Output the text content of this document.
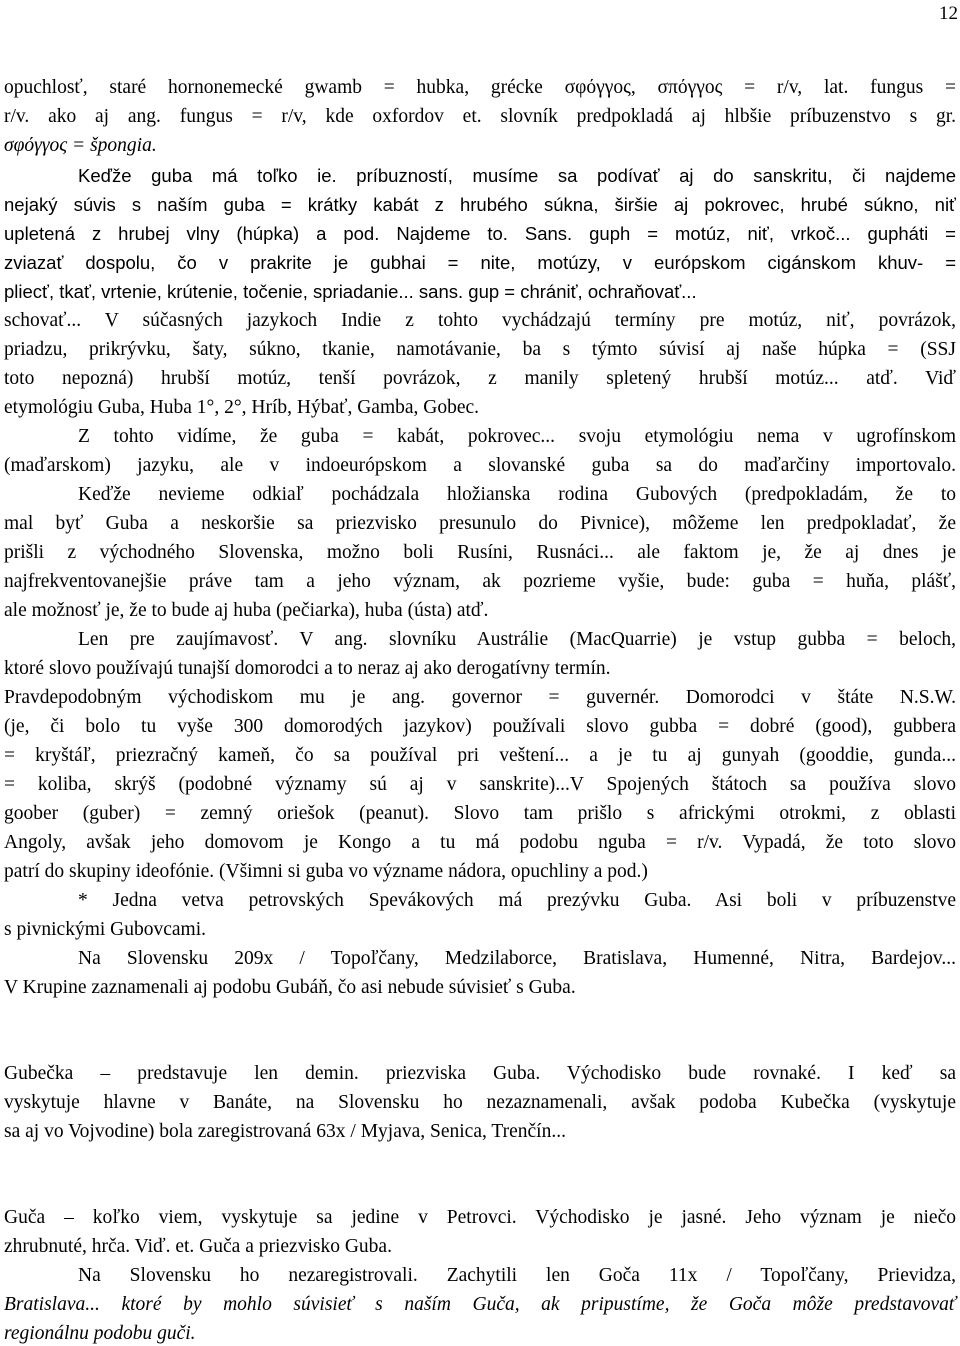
12
opuchlosť, staré hornonemecké gwamb = hubka, grécke σφόγγος, σπόγγος = r/v, lat. fungus =
r/v. ako aj ang. fungus = r/v, kde oxfordov et. slovník predpokladá aj hlbšie príbuzenstvo s gr.
σφόγγος = špongia.
Keďže guba má toľko ie. príbuzností, musíme sa podívať aj do sanskritu, či najdeme
nejaký súvis s naším guba = krátky kabát z hrubého súkna, širšie aj pokrovec, hrubé súkno, niť
upletená z hrubej vlny (húpka) a pod. Najdeme to. Sans. guph = motúz, niť, vrkoč... gupháti =
zviazať dospolu, čo v prakrite je gubhai = nite, motúzy, v európskom cigánskom khuv- =
pliecť, tkať, vrtenie, krútenie, točenie, spriadanie... sans. gup = chrániť, ochraňovať...
schovať... V súčasných jazykoch Indie z tohto vychádzajú termíny pre motúz, niť, povrázok,
priadzu, prikrývku, šaty, súkno, tkanie, namotávanie, ba s týmto súvisí aj naše húpka = (SSJ
toto nepozná) hrubší motúz, tenší povrázok, z manily spletený hrubší motúz... atď. Viď
etymológiu Guba, Huba 1°, 2°, Hríb, Hýbať, Gamba, Gobec.
Z tohto vidíme, že guba = kabát, pokrovec... svoju etymológiu nema v ugrofínskom
(maďarskom) jazyku, ale v indoeurópskom a slovanské guba sa do maďarčiny importovalo.
Keďže nevieme odkiaľ pochádzala hložianska rodina Gubových (predpokladám, že to
mal byť Guba a neskoršie sa priezvisko presunulo do Pivnice), môžeme len predpokladať, že
prišli z východného Slovenska, možno boli Rusíni, Rusnáci... ale faktom je, že aj dnes je
najfrekventovanejšie práve tam a jeho význam, ak pozrieme vyšie, bude: guba = huňa, plášť,
ale možnosť je, že to bude aj huba (pečiarka), huba (ústa) atď.
Len pre zaujímavosť. V ang. slovníku Austrálie (MacQuarrie) je vstup gubba = beloch,
ktoré slovo používajú tunajší domorodci a to neraz aj ako derogatívny termín.
Pravdepodobným východiskom mu je ang. governor = guvernér. Domorodci v štáte N.S.W.
(je, či bolo tu vyše 300 domorodých jazykov) používali slovo gubba = dobré (good), gubbera
= kryštáľ, priezračný kameň, čo sa používal pri veštení... a je tu aj gunyah (gooddie, gunda...
= koliba, skrýš (podobné významy sú aj v sanskrite)...V Spojených štátoch sa používa slovo
goober (guber) = zemný oriešok (peanut). Slovo tam prišlo s africkými otrokmi, z oblasti
Angoly, avšak jeho domovom je Kongo a tu má podobu nguba = r/v. Vypadá, že toto slovo
patrí do skupiny ideofónie. (Všimni si guba vo význame nádora, opuchliny a pod.)
* Jedna vetva petrovských Spevákových má prezývku Guba. Asi boli v príbuzenstve
s pivnickými Gubovcami.
Na Slovensku 209x / Topoľčany, Medzilaborce, Bratislava, Humenné, Nitra, Bardejov...
V Krupine zaznamenali aj podobu Gubáň, čo asi nebude súvisieť s Guba.
Gubečka – predstavuje len demin. priezviska Guba. Východisko bude rovnaké. I keď sa
vyskytuje hlavne v Banáte, na Slovensku ho nezaznamenali, avšak podoba Kubečka (vyskytuje
sa aj vo Vojvodine) bola zaregistrovaná 63x / Myjava, Senica, Trenčín...
Guča – koľko viem, vyskytuje sa jedine v Petrovci. Východisko je jasné. Jeho význam je niečo
zhrubnuté, hrča. Viď. et. Guča a priezvisko Guba.
Na Slovensku ho nezaregistrovali. Zachytili len Goča 11x / Topoľčany, Prievidza,
Bratislava... ktoré by mohlo súvisieť s naším Guča, ak pripustíme, že Goča môže predstavovať
regionálnu podobu guči.
